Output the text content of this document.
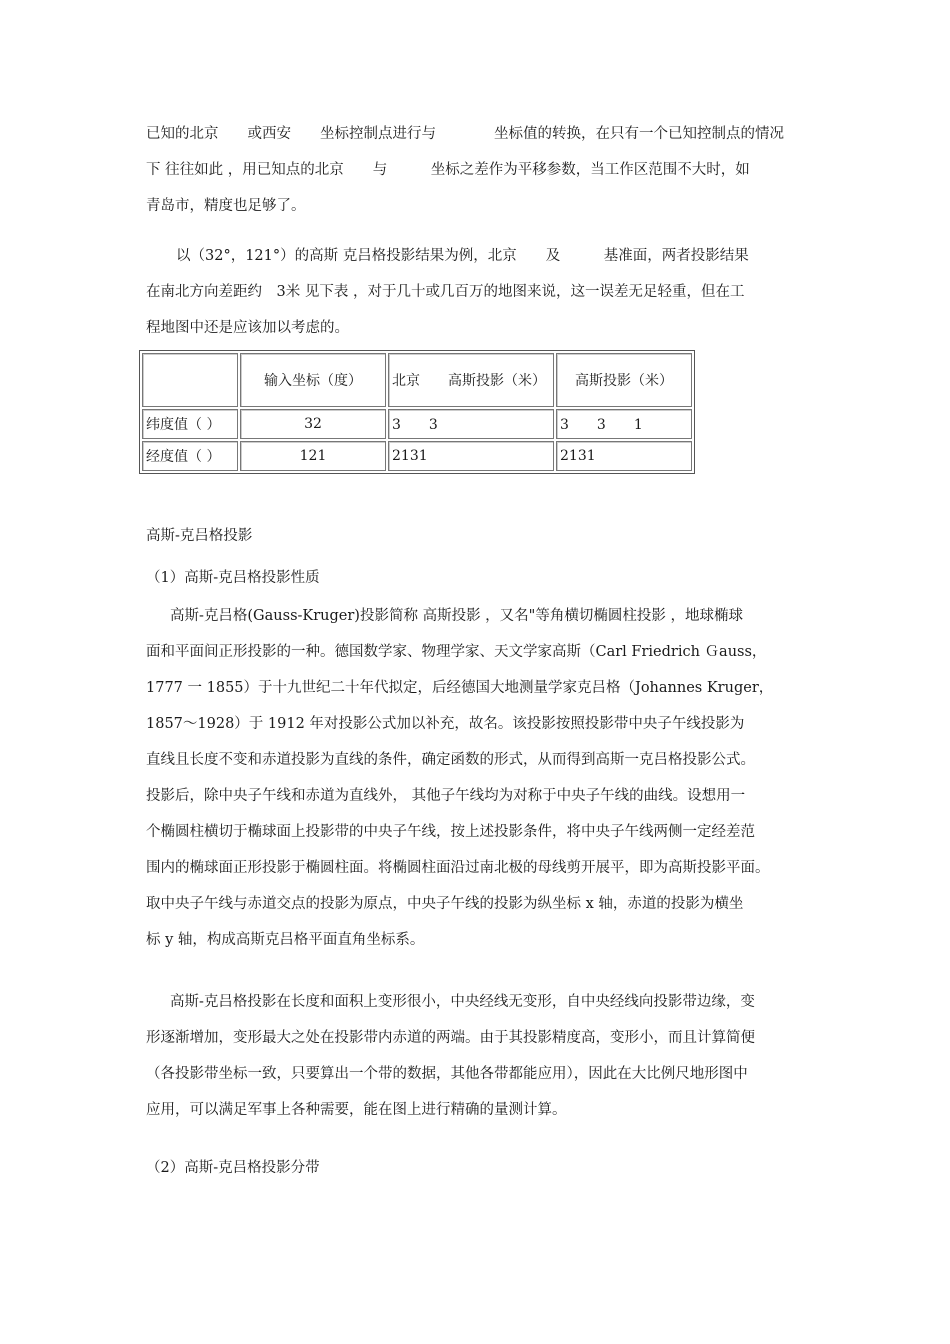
已知的北京　　或西安　　坐标控制点进行与　　　　坐标值的转换，在只有一个已知控制点的情况
下 往往如此 ，用已知点的北京　　与　　　坐标之差作为平移参数，当工作区范围不大时，如
青岛市，精度也足够了。
以（32°，121°）的高斯 克吕格投影结果为例，北京　　及　　　基准面，两者投影结果
在南北方向差距约　3米 见下表 ，对于几十或几百万的地图来说，这一误差无足轻重，但在工
程地图中还是应该加以考虑的。
	输入坐标（度）	北京　　高斯投影（米）	高斯投影（米）
纬度值（ ）	32	3　　3	3　　3　　1
经度值（ ）	121	2131	2131

高斯-克吕格投影

（1）高斯-克吕格投影性质

高斯-克吕格(Gauss-Kruger)投影简称 高斯投影 ，又名"等角横切椭圆柱投影 ，地球椭球
面和平面间正形投影的一种。德国数学家、物理学家、天文学家高斯（Carl Friedrich Ｇauss，
1777 一 1855）于十九世纪二十年代拟定，后经德国大地测量学家克吕格（Johannes Kruger，
1857～1928）于 1912 年对投影公式加以补充，故名。该投影按照投影带中央子午线投影为
直线且长度不变和赤道投影为直线的条件，确定函数的形式，从而得到高斯一克吕格投影公式。
投影后，除中央子午线和赤道为直线外， 其他子午线均为对称于中央子午线的曲线。设想用一
个椭圆柱横切于椭球面上投影带的中央子午线，按上述投影条件，将中央子午线两侧一定经差范
围内的椭球面正形投影于椭圆柱面。将椭圆柱面沿过南北极的母线剪开展平，即为高斯投影平面。
取中央子午线与赤道交点的投影为原点，中央子午线的投影为纵坐标 x 轴，赤道的投影为横坐
标 y 轴，构成高斯克吕格平面直角坐标系。
高斯-克吕格投影在长度和面积上变形很小，中央经线无变形，自中央经线向投影带边缘，变
形逐渐增加，变形最大之处在投影带内赤道的两端。由于其投影精度高，变形小，而且计算简便
（各投影带坐标一致，只要算出一个带的数据，其他各带都能应用），因此在大比例尺地形图中
应用，可以满足军事上各种需要，能在图上进行精确的量测计算。

（2）高斯-克吕格投影分带
